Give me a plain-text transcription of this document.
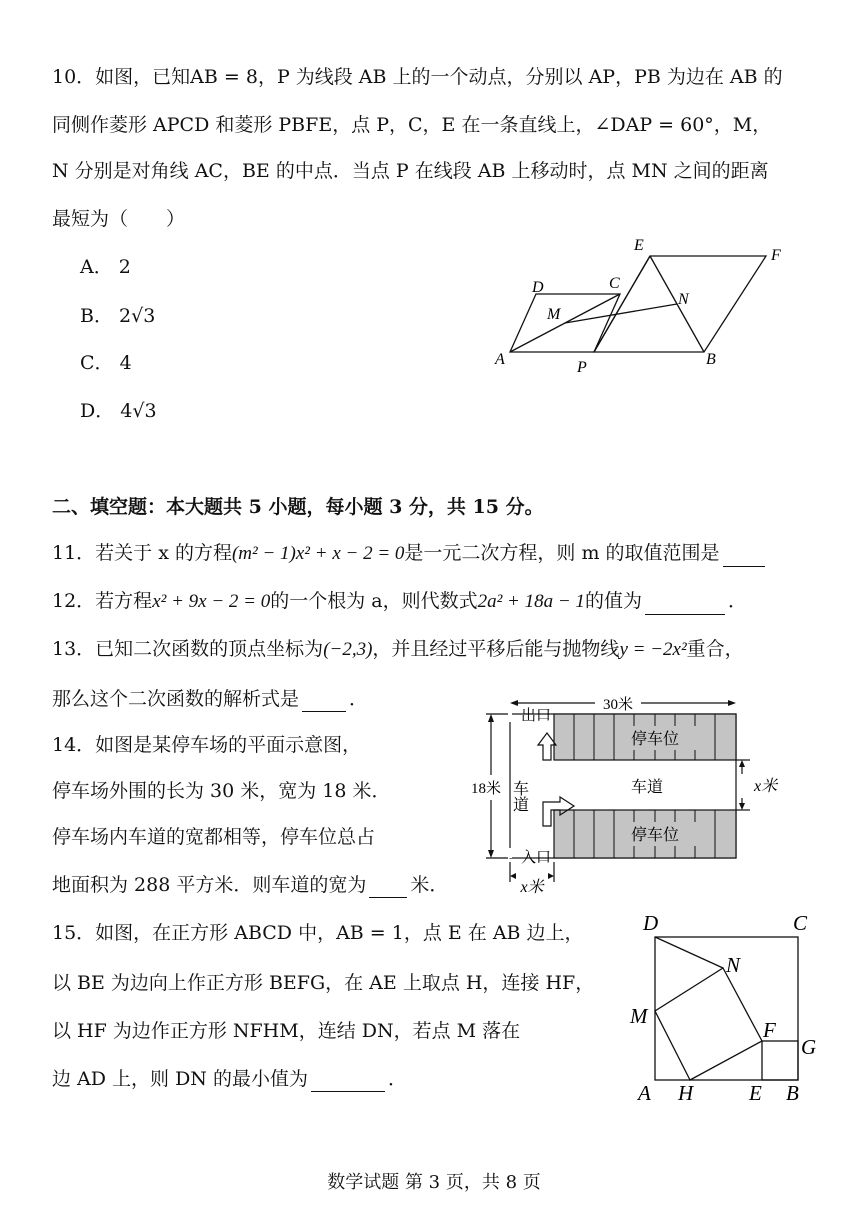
10．如图，已知AB = 8，P 为线段 AB 上的一个动点，分别以 AP，PB 为边在 AB 的
同侧作菱形 APCD 和菱形 PBFE，点 P，C，E 在一条直线上，∠DAP = 60°，M，
N 分别是对角线 AC，BE 的中点．当点 P 在线段 AB 上移动时，点 MN 之间的距离
最短为（　　）
A． 2
B． 2√3
C． 4
D． 4√3
A	P	B
D	C
E
F
M
N
二、填空题：本大题共 5 小题，每小题 3 分，共 15 分。
11．若关于 x 的方程(m² − 1)x² + x − 2 = 0是一元二次方程，则 m 的取值范围是
12．若方程x² + 9x − 2 = 0的一个根为 a，则代数式2a² + 18a − 1的值为	．
13．已知二次函数的顶点坐标为(−2,3)，并且经过平移后能与抛物线y = −2x²重合，
那么这个二次函数的解析式是	．
14．如图是某停车场的平面示意图，
停车场外围的长为 30 米，宽为 18 米．
停车场内车道的宽都相等，停车位总占
地面积为 288 平方米．则车道的宽为 米．
出口
入口
30米
18米	x米
x米
停车位
停车位
车道
车道
15．如图，在正方形 ABCD 中，AB = 1，点 E 在 AB 边上，
以 BE 为边向上作正方形 BEFG，在 AE 上取点 H，连接 HF，
以 HF 为边作正方形 NFHM，连结 DN，若点 M 落在
边 AD 上，则 DN 的最小值为	．
D	C
N
M
F
G
A H	E B
数学试题 第 3 页，共 8 页
